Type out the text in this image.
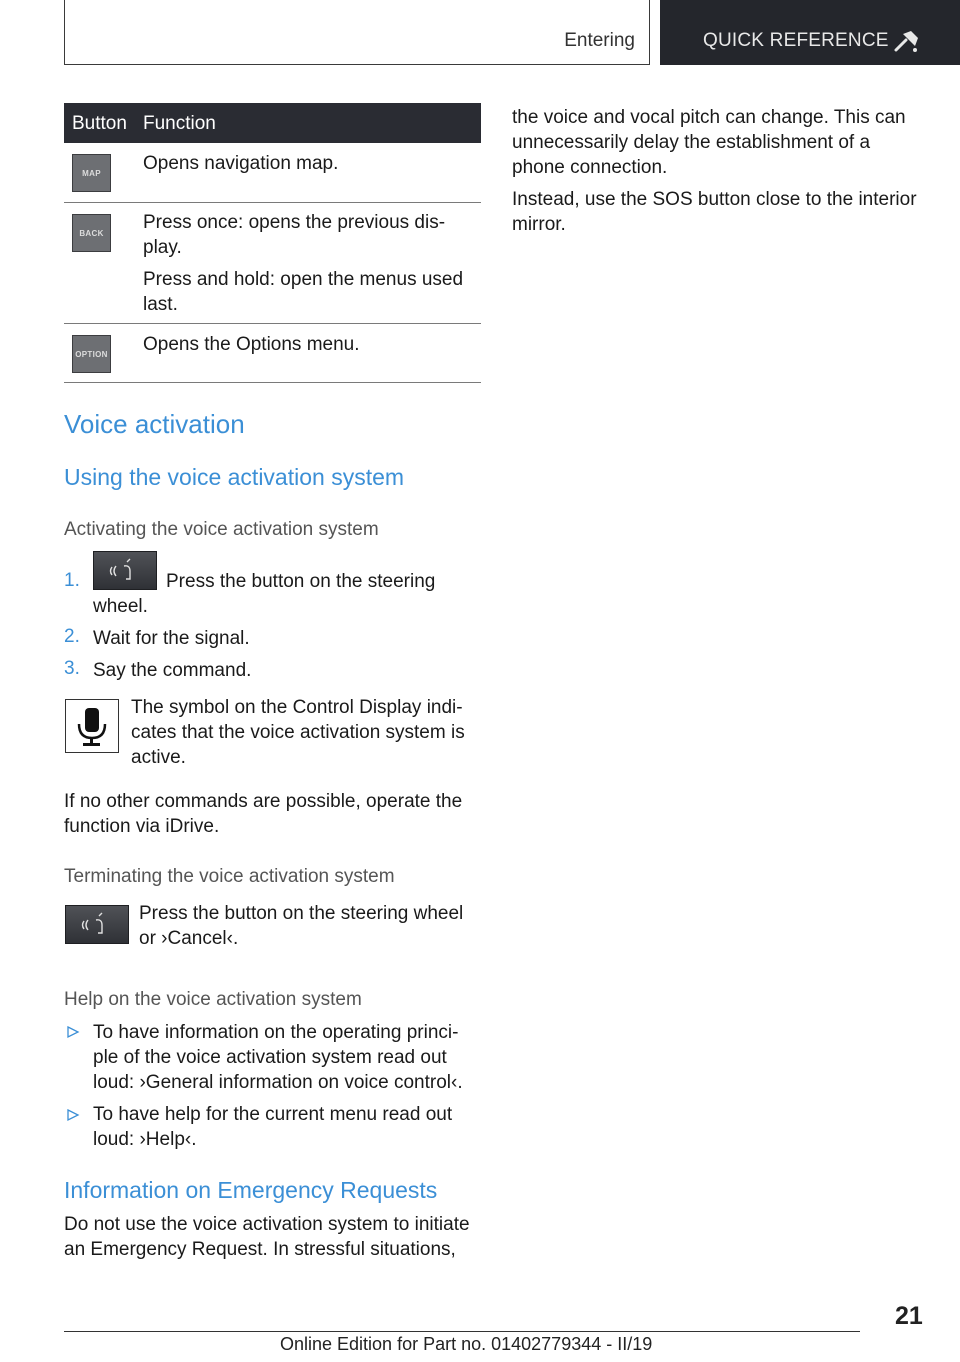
Entering	QUICK REFERENCE
Button Function
MAP	Opens navigation map.
BACK	Press once: opens the previous dis-play.
Press and hold: open the menus used last.
OPTION Opens the Options menu.
Voice activation
Using the voice activation system
Activating the voice activation system
1.	Press the button on the steering
wheel.
2. Wait for the signal.
3. Say the command.
The symbol on the Control Display indi-cates that the voice activation system is active.
If no other commands are possible, operate the function via iDrive.
Terminating the voice activation system
Press the button on the steering wheel or ›Cancel‹.
Help on the voice activation system
To have information on the operating princi-ple of the voice activation system read out loud: ›General information on voice control‹.
To have help for the current menu read out loud: ›Help‹.
Information on Emergency Requests
Do not use the voice activation system to initiate an Emergency Request. In stressful situations,
the voice and vocal pitch can change. This can unnecessarily delay the establishment of a phone connection.
Instead, use the SOS button close to the interior mirror.
21
Online Edition for Part no. 01402779344 - II/19
